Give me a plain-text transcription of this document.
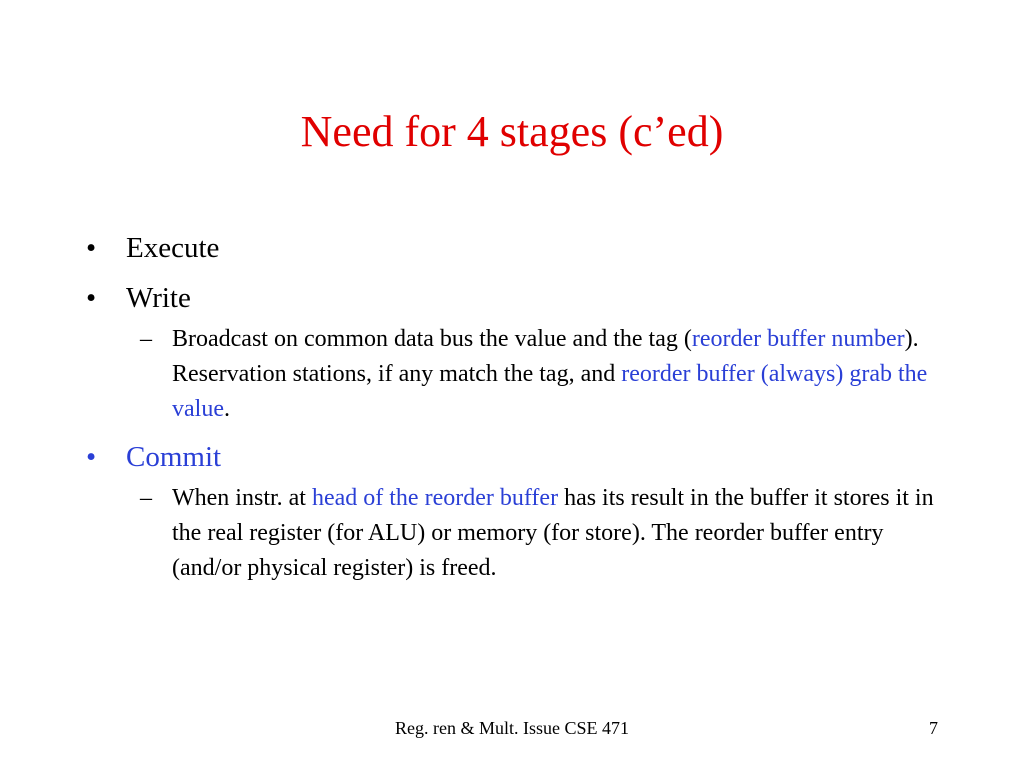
Need for 4 stages (c’ed)
• Execute
• Write
– Broadcast on common data bus the value and the tag (reorder buffer number). Reservation stations, if any match the tag, and reorder buffer (always) grab the value.
• Commit
– When instr. at head of the reorder buffer has its result in the buffer it stores it in the real register (for ALU) or memory (for store). The reorder buffer entry (and/or physical register) is freed.
Reg. ren & Mult. Issue CSE 471	7
